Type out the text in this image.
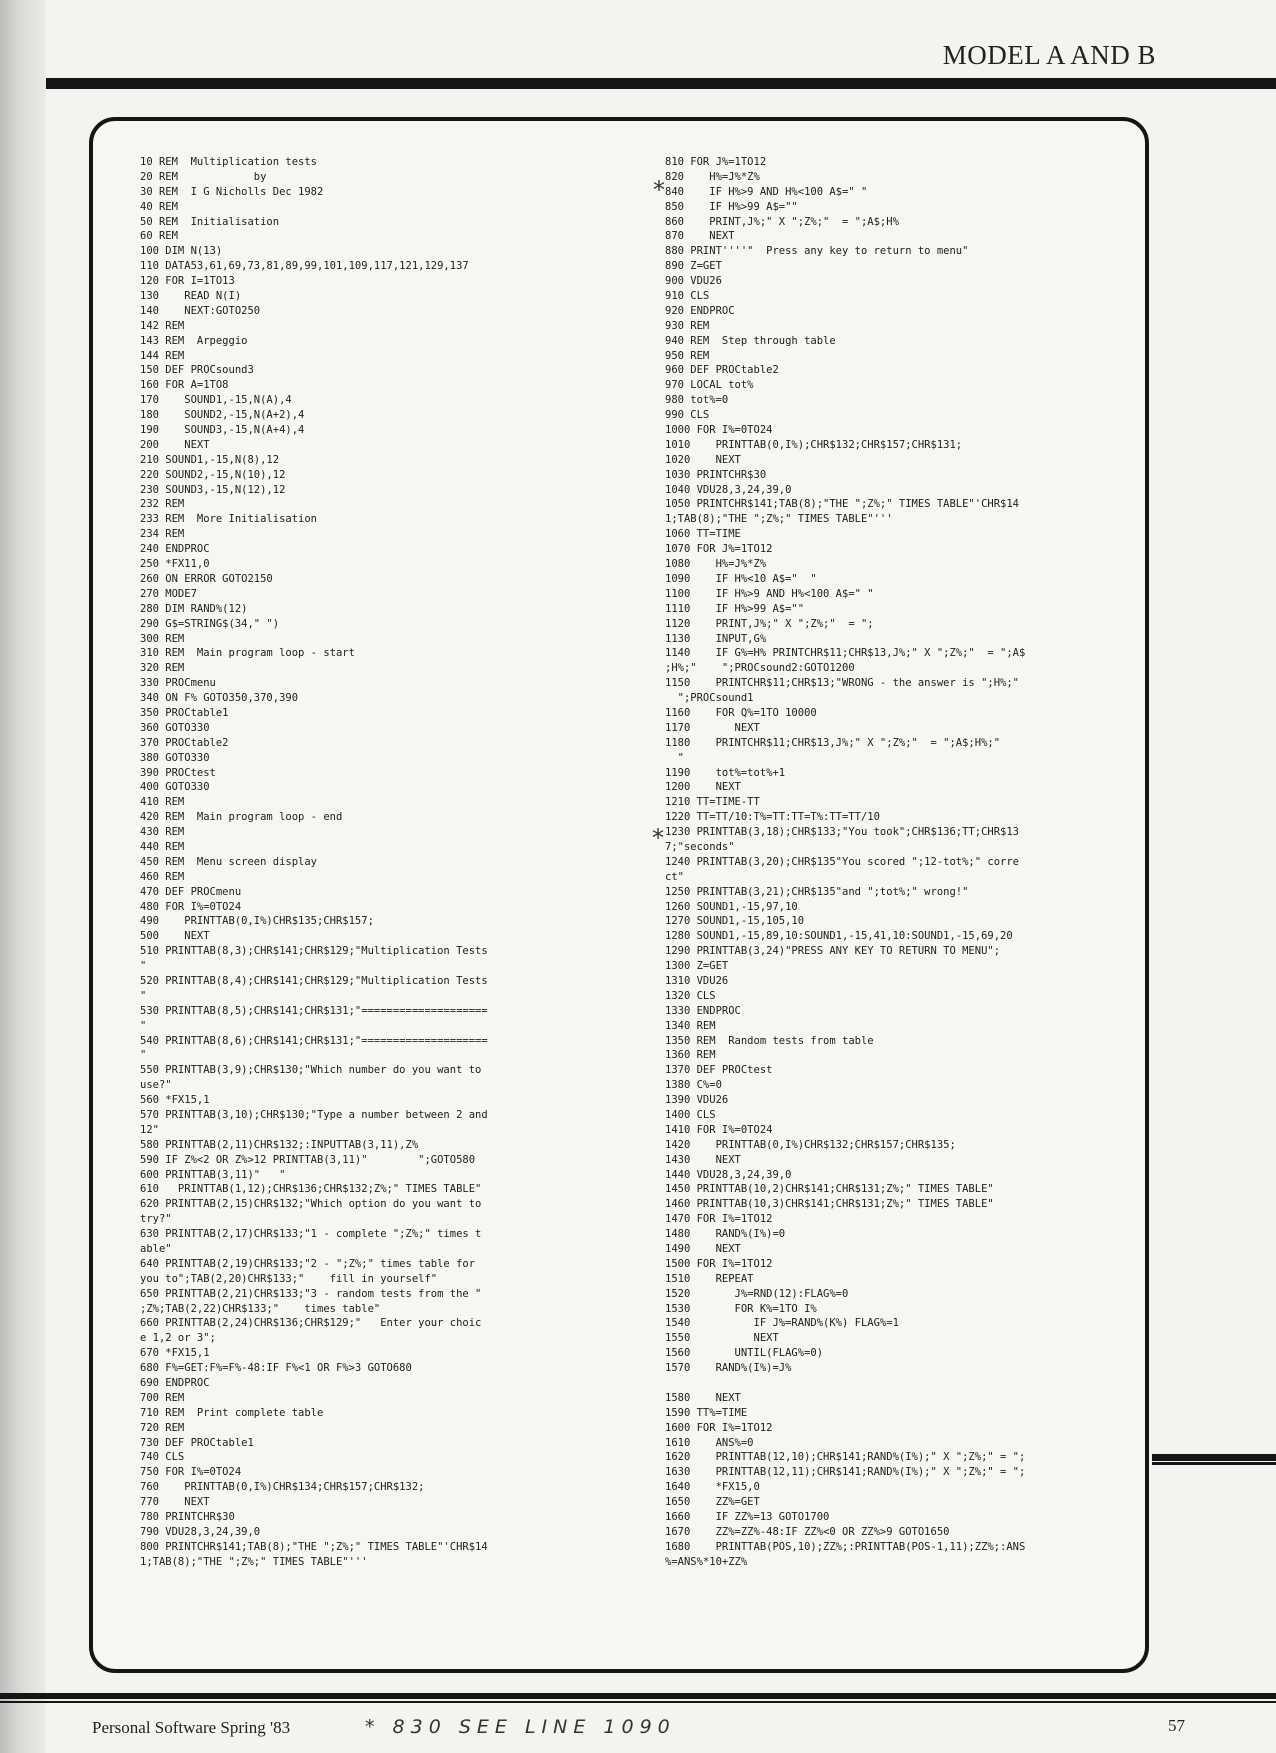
MODEL A AND B
10 REM  Multiplication tests
20 REM            by
30 REM  I G Nicholls Dec 1982
40 REM
50 REM  Initialisation
60 REM
100 DIM N(13)
110 DATA53,61,69,73,81,89,99,101,109,117,121,129,137
120 FOR I=1TO13
130    READ N(I)
140    NEXT:GOTO250
142 REM
143 REM  Arpeggio
144 REM
150 DEF PROCsound3
160 FOR A=1TO8
170    SOUND1,-15,N(A),4
180    SOUND2,-15,N(A+2),4
190    SOUND3,-15,N(A+4),4
200    NEXT
210 SOUND1,-15,N(8),12
220 SOUND2,-15,N(10),12
230 SOUND3,-15,N(12),12
232 REM
233 REM  More Initialisation
234 REM
240 ENDPROC
250 *FX11,0
260 ON ERROR GOTO2150
270 MODE7
280 DIM RAND%(12)
290 G$=STRING$(34," ")
300 REM
310 REM  Main program loop - start
320 REM
330 PROCmenu
340 ON F% GOTO350,370,390
350 PROCtable1
360 GOTO330
370 PROCtable2
380 GOTO330
390 PROCtest
400 GOTO330
410 REM
420 REM  Main program loop - end
430 REM
440 REM
450 REM  Menu screen display
460 REM
470 DEF PROCmenu
480 FOR I%=0TO24
490    PRINTTAB(0,I%)CHR$135;CHR$157;
500    NEXT
510 PRINTTAB(8,3);CHR$141;CHR$129;"Multiplication Tests
"
520 PRINTTAB(8,4);CHR$141;CHR$129;"Multiplication Tests
"
530 PRINTTAB(8,5);CHR$141;CHR$131;"====================
"
540 PRINTTAB(8,6);CHR$141;CHR$131;"====================
"
550 PRINTTAB(3,9);CHR$130;"Which number do you want to
use?"
560 *FX15,1
570 PRINTTAB(3,10);CHR$130;"Type a number between 2 and
12"
580 PRINTTAB(2,11)CHR$132;:INPUTTAB(3,11),Z%
590 IF Z%<2 OR Z%>12 PRINTTAB(3,11)"        ";GOTO580
600 PRINTTAB(3,11)"   "
610   PRINTTAB(1,12);CHR$136;CHR$132;Z%;" TIMES TABLE"
620 PRINTTAB(2,15)CHR$132;"Which option do you want to
try?"
630 PRINTTAB(2,17)CHR$133;"1 - complete ";Z%;" times t
able"
640 PRINTTAB(2,19)CHR$133;"2 - ";Z%;" times table for
you to";TAB(2,20)CHR$133;"    fill in yourself"
650 PRINTTAB(2,21)CHR$133;"3 - random tests from the "
;Z%;TAB(2,22)CHR$133;"    times table"
660 PRINTTAB(2,24)CHR$136;CHR$129;"   Enter your choic
e 1,2 or 3";
670 *FX15,1
680 F%=GET:F%=F%-48:IF F%<1 OR F%>3 GOTO680
690 ENDPROC
700 REM
710 REM  Print complete table
720 REM
730 DEF PROCtable1
740 CLS
750 FOR I%=0TO24
760    PRINTTAB(0,I%)CHR$134;CHR$157;CHR$132;
770    NEXT
780 PRINTCHR$30
790 VDU28,3,24,39,0
800 PRINTCHR$141;TAB(8);"THE ";Z%;" TIMES TABLE"'CHR$14
1;TAB(8);"THE ";Z%;" TIMES TABLE"'''
810 FOR J%=1TO12
820    H%=J%*Z%
840    IF H%>9 AND H%<100 A$=" "
850    IF H%>99 A$=""
860    PRINT,J%;" X ";Z%;"  = ";A$;H%
870    NEXT
880 PRINT''''"  Press any key to return to menu"
890 Z=GET
900 VDU26
910 CLS
920 ENDPROC
930 REM
940 REM  Step through table
950 REM
960 DEF PROCtable2
970 LOCAL tot%
980 tot%=0
990 CLS
1000 FOR I%=0TO24
1010    PRINTTAB(0,I%);CHR$132;CHR$157;CHR$131;
1020    NEXT
1030 PRINTCHR$30
1040 VDU28,3,24,39,0
1050 PRINTCHR$141;TAB(8);"THE ";Z%;" TIMES TABLE"'CHR$14
1;TAB(8);"THE ";Z%;" TIMES TABLE"'''
1060 TT=TIME
1070 FOR J%=1TO12
1080    H%=J%*Z%
1090    IF H%<10 A$="  "
1100    IF H%>9 AND H%<100 A$=" "
1110    IF H%>99 A$=""
1120    PRINT,J%;" X ";Z%;"  = ";
1130    INPUT,G%
1140    IF G%=H% PRINTCHR$11;CHR$13,J%;" X ";Z%;"  = ";A$
;H%;"    ";PROCsound2:GOTO1200
1150    PRINTCHR$11;CHR$13;"WRONG - the answer is ";H%;"
";PROCsound1
1160    FOR Q%=1TO 10000
1170       NEXT
1180    PRINTCHR$11;CHR$13,J%;" X ";Z%;"  = ";A$;H%;"
"
1190    tot%=tot%+1
1200    NEXT
1210 TT=TIME-TT
1220 TT=TT/10:T%=TT:TT=T%:TT=TT/10
1230 PRINTTAB(3,18);CHR$133;"You took";CHR$136;TT;CHR$13
7;"seconds"
1240 PRINTTAB(3,20);CHR$135"You scored ";12-tot%;" corre
ct"
1250 PRINTTAB(3,21);CHR$135"and ";tot%;" wrong!"
1260 SOUND1,-15,97,10
1270 SOUND1,-15,105,10
1280 SOUND1,-15,89,10:SOUND1,-15,41,10:SOUND1,-15,69,20
1290 PRINTTAB(3,24)"PRESS ANY KEY TO RETURN TO MENU";
1300 Z=GET
1310 VDU26
1320 CLS
1330 ENDPROC
1340 REM
1350 REM  Random tests from table
1360 REM
1370 DEF PROCtest
1380 C%=0
1390 VDU26
1400 CLS
1410 FOR I%=0TO24
1420    PRINTTAB(0,I%)CHR$132;CHR$157;CHR$135;
1430    NEXT
1440 VDU28,3,24,39,0
1450 PRINTTAB(10,2)CHR$141;CHR$131;Z%;" TIMES TABLE"
1460 PRINTTAB(10,3)CHR$141;CHR$131;Z%;" TIMES TABLE"
1470 FOR I%=1TO12
1480    RAND%(I%)=0
1490    NEXT
1500 FOR I%=1TO12
1510    REPEAT
1520       J%=RND(12):FLAG%=0
1530       FOR K%=1TO I%
1540          IF J%=RAND%(K%) FLAG%=1
1550          NEXT
1560       UNTIL(FLAG%=0)
1570    RAND%(I%)=J%
1580    NEXT
1590 TT%=TIME
1600 FOR I%=1TO12
1610    ANS%=0
1620    PRINTTAB(12,10);CHR$141;RAND%(I%);" X ";Z%;" = ";
1630    PRINTTAB(12,11);CHR$141;RAND%(I%);" X ";Z%;" = ";
1640    *FX15,0
1650    ZZ%=GET
1660    IF ZZ%=13 GOTO1700
1670    ZZ%=ZZ%-48:IF ZZ%<0 OR ZZ%>9 GOTO1650
1680    PRINTTAB(POS,10);ZZ%;:PRINTTAB(POS-1,11);ZZ%;:ANS
%=ANS%*10+ZZ%
*
*
Personal Software Spring '83	* 830 SEE LINE 1090	57
